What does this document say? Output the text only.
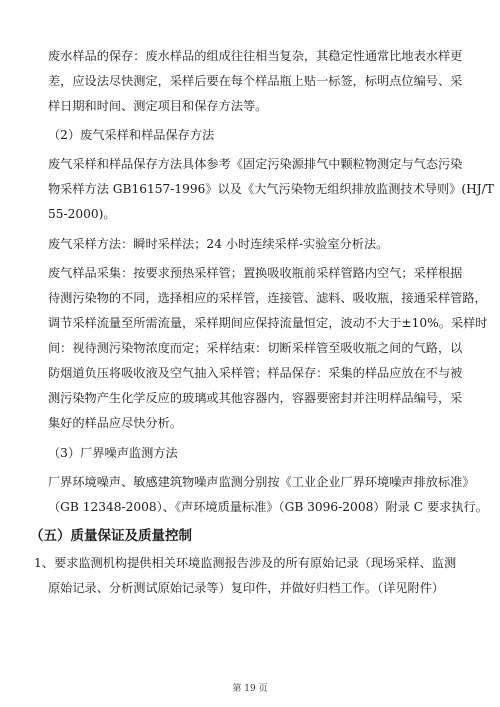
废水样品的保存：废水样品的组成往往相当复杂，其稳定性通常比地表水样更
差，应设法尽快测定，采样后要在每个样品瓶上贴一标签，标明点位编号、采
样日期和时间、测定项目和保存方法等。
（2）废气采样和样品保存方法
废气采样和样品保存方法具体参考《固定污染源排气中颗粒物测定与气态污染
物采样方法 GB16157-1996》以及《大气污染物无组织排放监测技术导则》(HJ/T
55-2000)。
废气采样方法：瞬时采样法；24 小时连续采样-实验室分析法。
废气样品采集：按要求预热采样管；置换吸收瓶前采样管路内空气；采样根据
待测污染物的不同，选择相应的采样管，连接管、滤料、吸收瓶，接通采样管路，
调节采样流量至所需流量，采样期间应保持流量恒定，波动不大于±10%。采样时
间：视待测污染物浓度而定；采样结束：切断采样管至吸收瓶之间的气路，以
防烟道负压将吸收液及空气抽入采样管；样品保存：采集的样品应放在不与被
测污染物产生化学反应的玻璃或其他容器内，容器要密封并注明样品编号，采
集好的样品应尽快分析。
（3）厂界噪声监测方法
厂界环境噪声、敏感建筑物噪声监测分别按《工业企业厂界环境噪声排放标准》
（GB 12348-2008）、《声环境质量标准》（GB 3096-2008）附录 C 要求执行。
（五）质量保证及质量控制
1、要求监测机构提供相关环境监测报告涉及的所有原始记录（现场采样、监测
原始记录、分析测试原始记录等）复印件，并做好归档工作。（详见附件）
第 19 页
